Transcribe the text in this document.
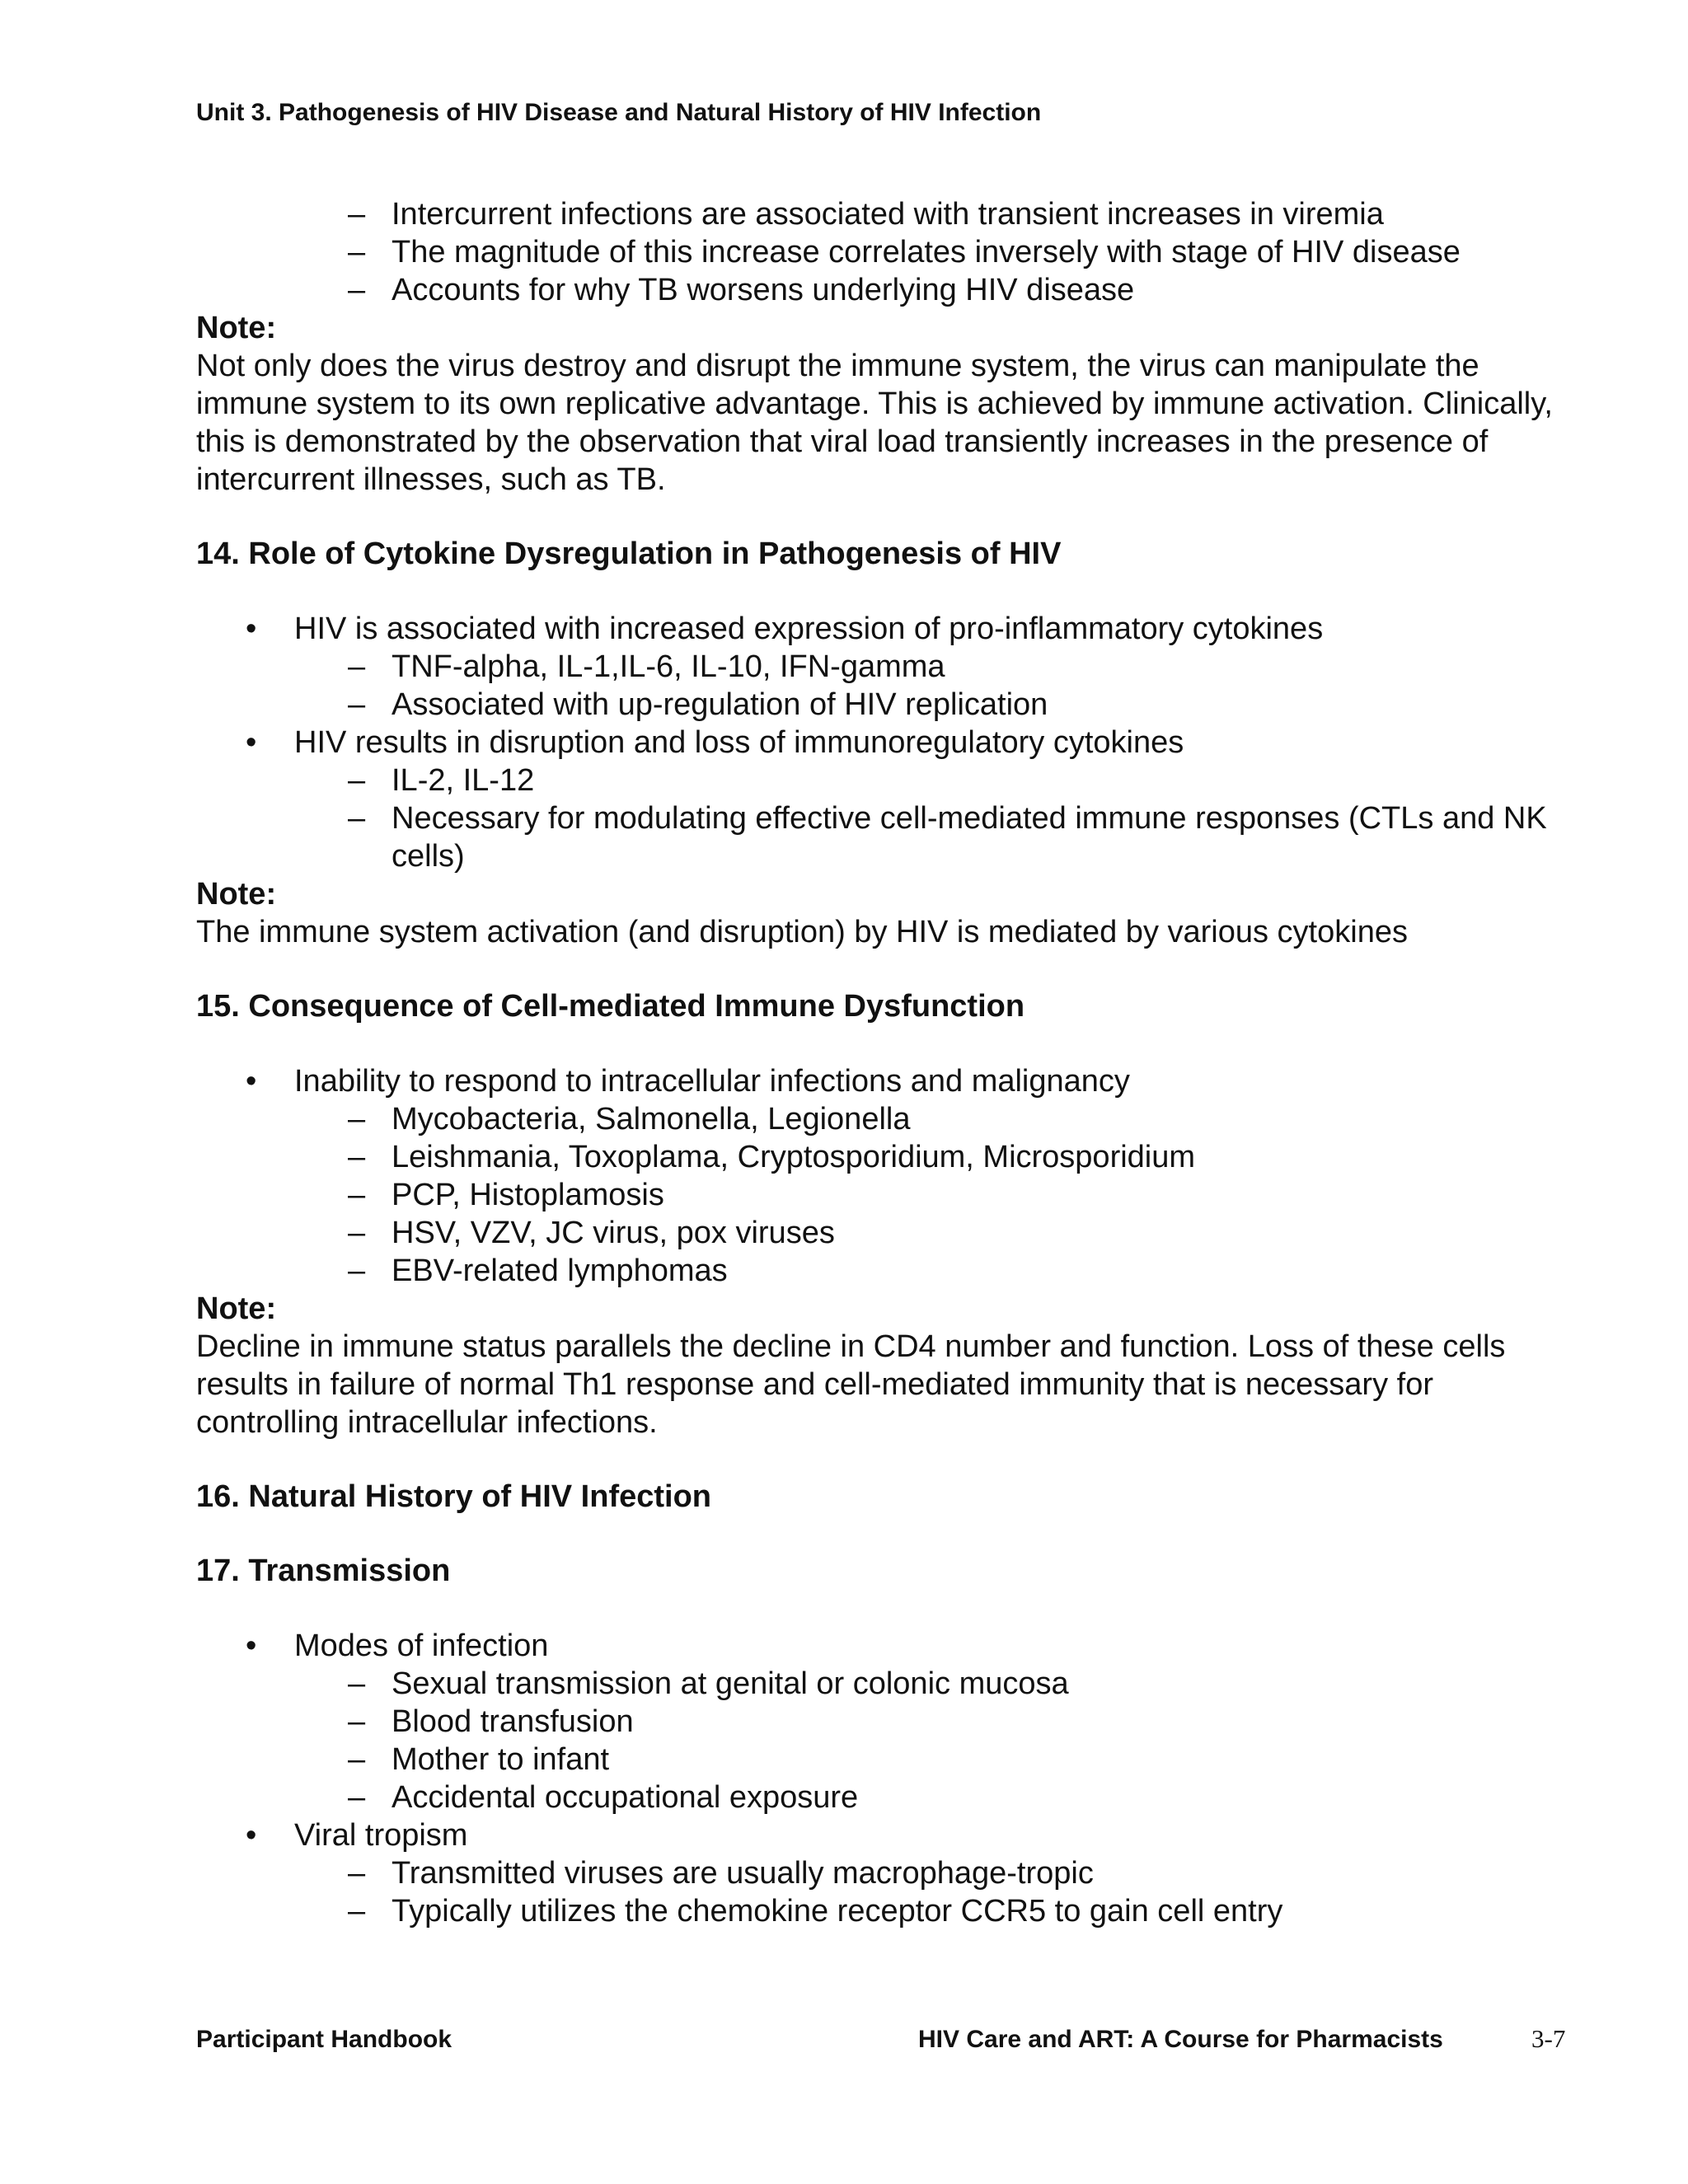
Unit 3. Pathogenesis of HIV Disease and Natural History of HIV Infection
– Intercurrent infections are associated with transient increases in viremia
– The magnitude of this increase correlates inversely with stage of HIV disease
– Accounts for why TB worsens underlying HIV disease
Note:
Not only does the virus destroy and disrupt the immune system, the virus can manipulate the immune system to its own replicative advantage. This is achieved by immune activation. Clinically, this is demonstrated by the observation that viral load transiently increases in the presence of intercurrent illnesses, such as TB.
14. Role of Cytokine Dysregulation in Pathogenesis of HIV
• HIV is associated with increased expression of pro-inflammatory cytokines
– TNF-alpha, IL-1,IL-6, IL-10, IFN-gamma
– Associated with up-regulation of HIV replication
• HIV results in disruption and loss of immunoregulatory cytokines
– IL-2, IL-12
– Necessary for modulating effective cell-mediated immune responses (CTLs and NK cells)
Note:
The immune system activation (and disruption) by HIV is mediated by various cytokines
15. Consequence of Cell-mediated Immune Dysfunction
• Inability to respond to intracellular infections and malignancy
– Mycobacteria, Salmonella, Legionella
– Leishmania, Toxoplama, Cryptosporidium, Microsporidium
– PCP, Histoplamosis
– HSV, VZV, JC virus, pox viruses
– EBV-related lymphomas
Note:
Decline in immune status parallels the decline in CD4 number and function. Loss of these cells results in failure of normal Th1 response and cell-mediated immunity that is necessary for controlling intracellular infections.
16. Natural History of HIV Infection
17. Transmission
• Modes of infection
– Sexual transmission at genital or colonic mucosa
– Blood transfusion
– Mother to infant
– Accidental occupational exposure
• Viral tropism
– Transmitted viruses are usually macrophage-tropic
– Typically utilizes the chemokine receptor CCR5 to gain cell entry
Participant Handbook	HIV Care and ART: A Course for Pharmacists	3-7
